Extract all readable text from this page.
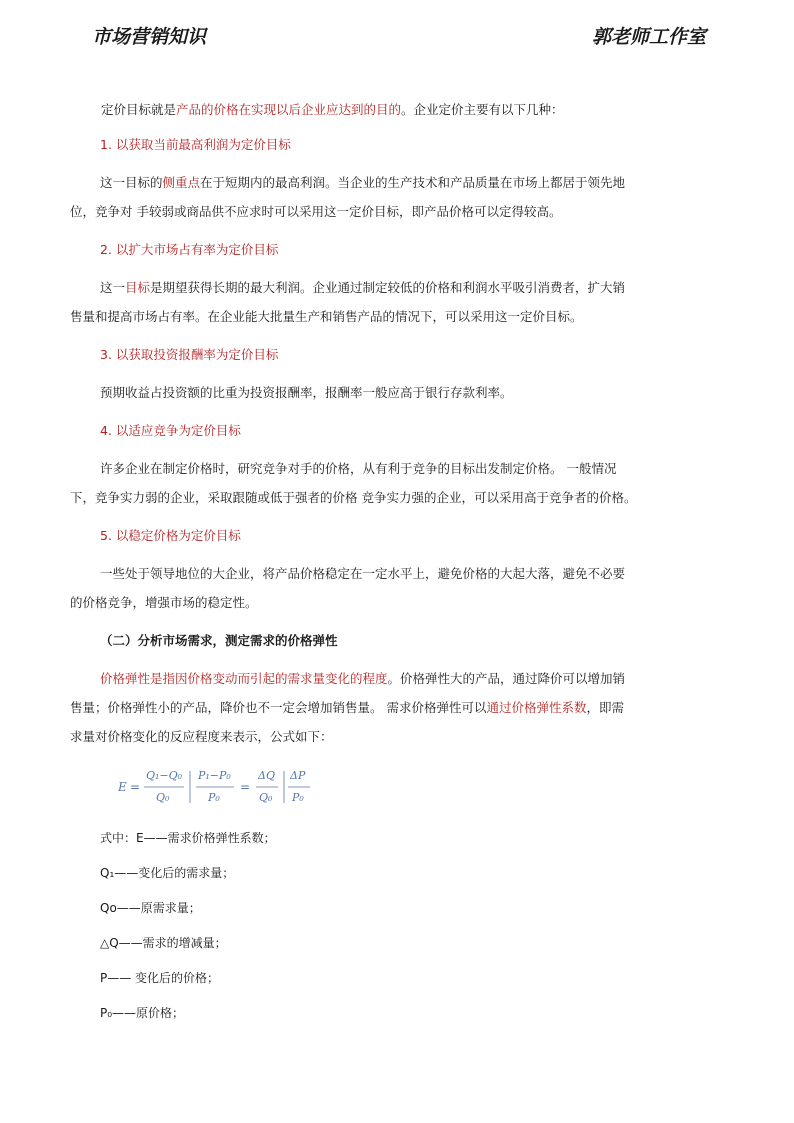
市场营销知识	郭老师工作室

定价目标就是产品的价格在实现以后企业应达到的目的。企业定价主要有以下几种：

1. 以获取当前最高利润为定价目标

这一目标的侧重点在于短期内的最高利润。当企业的生产技术和产品质量在市场上都居于领先地

位，竞争对 手较弱或商品供不应求时可以采用这一定价目标，即产品价格可以定得较高。

2. 以扩大市场占有率为定价目标

这一目标是期望获得长期的最大利润。企业通过制定较低的价格和利润水平吸引消费者，扩大销

售量和提高市场占有率。在企业能大批量生产和销售产品的情况下，可以采用这一定价目标。

3. 以获取投资报酬率为定价目标

预期收益占投资额的比重为投资报酬率，报酬率一般应高于银行存款利率。

4. 以适应竞争为定价目标

许多企业在制定价格时，研究竞争对手的价格，从有利于竞争的目标出发制定价格。 一般情况

下，竞争实力弱的企业，采取跟随或低于强者的价格 竞争实力强的企业，可以采用高于竞争者的价格。

5. 以稳定价格为定价目标

一些处于领导地位的大企业，将产品价格稳定在一定水平上，避免价格的大起大落，避免不必要

的价格竞争，增强市场的稳定性。

（二）分析市场需求，测定需求的价格弹性

价格弹性是指因价格变动而引起的需求量变化的程度。价格弹性大的产品，通过降价可以增加销

售量；价格弹性小的产品，降价也不一定会增加销售量。 需求价格弹性可以通过价格弹性系数，即需

求量对价格变化的反应程度来表示，公式如下：

E =
Q₁−Q₀
Q₀
P₁−P₀
P₀
=
ΔQ
Q₀
ΔP
P₀

式中：E——需求价格弹性系数；

Q₁——变化后的需求量；

Qo——原需求量；

△Q——需求的增减量；

P—— 变化后的价格；

P₀——原价格；
